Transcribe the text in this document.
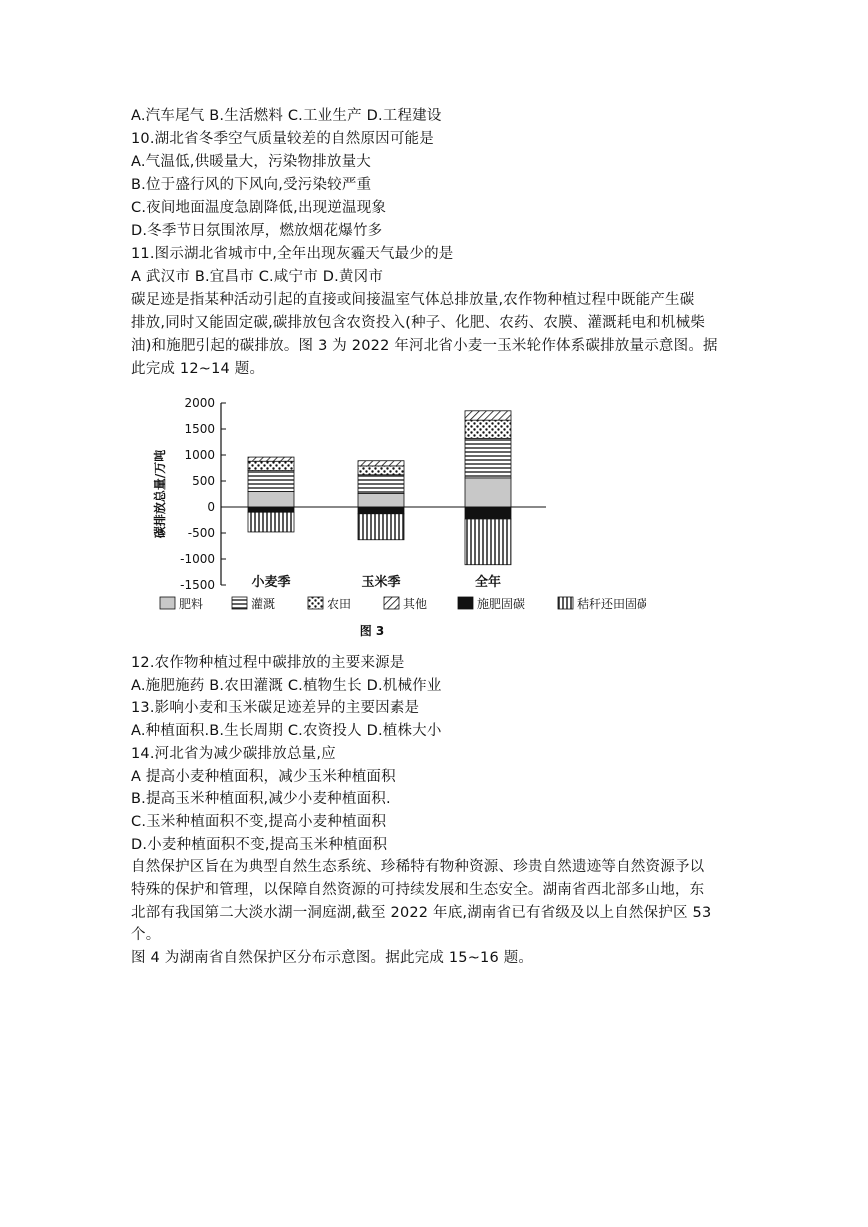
A.汽车尾气 B.生活燃料 C.工业生产 D.工程建设
10.湖北省冬季空气质量较差的自然原因可能是
A.气温低,供暖量大，污染物排放量大
B.位于盛行风的下风向,受污染较严重
C.夜间地面温度急剧降低,出现逆温现象
D.冬季节日氛围浓厚，燃放烟花爆竹多
11.图示湖北省城市中,全年出现灰霾天气最少的是
A 武汉市 B.宜昌市 C.咸宁市 D.黄冈市
碳足迹是指某种活动引起的直接或间接温室气体总排放量,农作物种植过程中既能产生碳
排放,同时又能固定碳,碳排放包含农资投入(种子、化肥、农药、农膜、灌溉耗电和机械柴
油)和施肥引起的碳排放。图 3 为 2022 年河北省小麦一玉米轮作体系碳排放量示意图。据
此完成 12~14 题。
2000
1500
1000
500
0
-500
-1000
-1500
碳排放总量/万吨
小麦季	玉米季	全年
肥料	灌溉	农田	其他	施肥固碳	秸秆还田固碳
图 3
12.农作物种植过程中碳排放的主要来源是
A.施肥施药 B.农田灌溉 C.植物生长 D.机械作业
13.影响小麦和玉米碳足迹差异的主要因素是
A.种植面积.B.生长周期 C.农资投人 D.植株大小
14.河北省为减少碳排放总量,应
A 提高小麦种植面积，减少玉米种植面积
B.提高玉米种植面积,减少小麦种植面积.
C.玉米种植面积不变,提高小麦种植面积
D.小麦种植面积不变,提高玉米种植面积
自然保护区旨在为典型自然生态系统、珍稀特有物种资源、珍贵自然遗迹等自然资源予以
特殊的保护和管理，以保障自然资源的可持续发展和生态安全。湖南省西北部多山地，东
北部有我国第二大淡水湖一洞庭湖,截至 2022 年底,湖南省已有省级及以上自然保护区 53
个。
图 4 为湖南省自然保护区分布示意图。据此完成 15~16 题。
